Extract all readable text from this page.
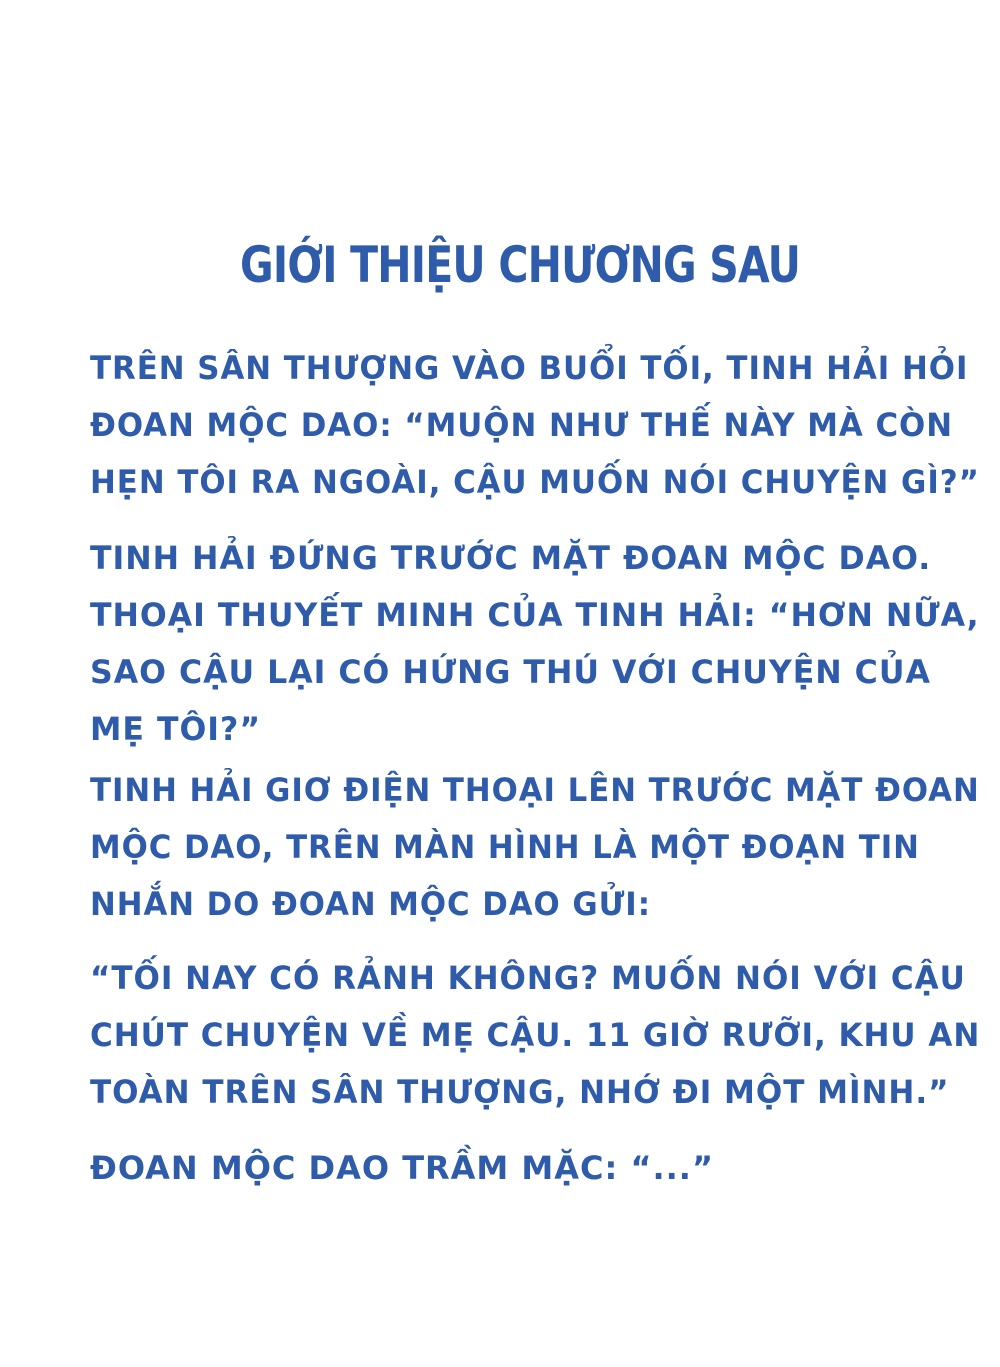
GIỚI THIỆU CHƯƠNG SAU

TRÊN SÂN THƯỢNG VÀO BUỔI TỐI, TINH HẢI HỎI
ĐOAN MỘC DAO: “MUỘN NHƯ THẾ NÀY MÀ CÒN
HẸN TÔI RA NGOÀI, CẬU MUỐN NÓI CHUYỆN GÌ?”

TINH HẢI ĐỨNG TRƯỚC MẶT ĐOAN MỘC DAO.
THOẠI THUYẾT MINH CỦA TINH HẢI: “HƠN NỮA,
SAO CẬU LẠI CÓ HỨNG THÚ VỚI CHUYỆN CỦA
MẸ TÔI?”

TINH HẢI GIƠ ĐIỆN THOẠI LÊN TRƯỚC MẶT ĐOAN
MỘC DAO, TRÊN MÀN HÌNH LÀ MỘT ĐOẠN TIN
NHẮN DO ĐOAN MỘC DAO GỬI:

“TỐI NAY CÓ RẢNH KHÔNG? MUỐN NÓI VỚI CẬU
CHÚT CHUYỆN VỀ MẸ CẬU. 11 GIỜ RƯỠI, KHU AN
TOÀN TRÊN SÂN THƯỢNG, NHỚ ĐI MỘT MÌNH.”

ĐOAN MỘC DAO TRẦM MẶC: “...”
